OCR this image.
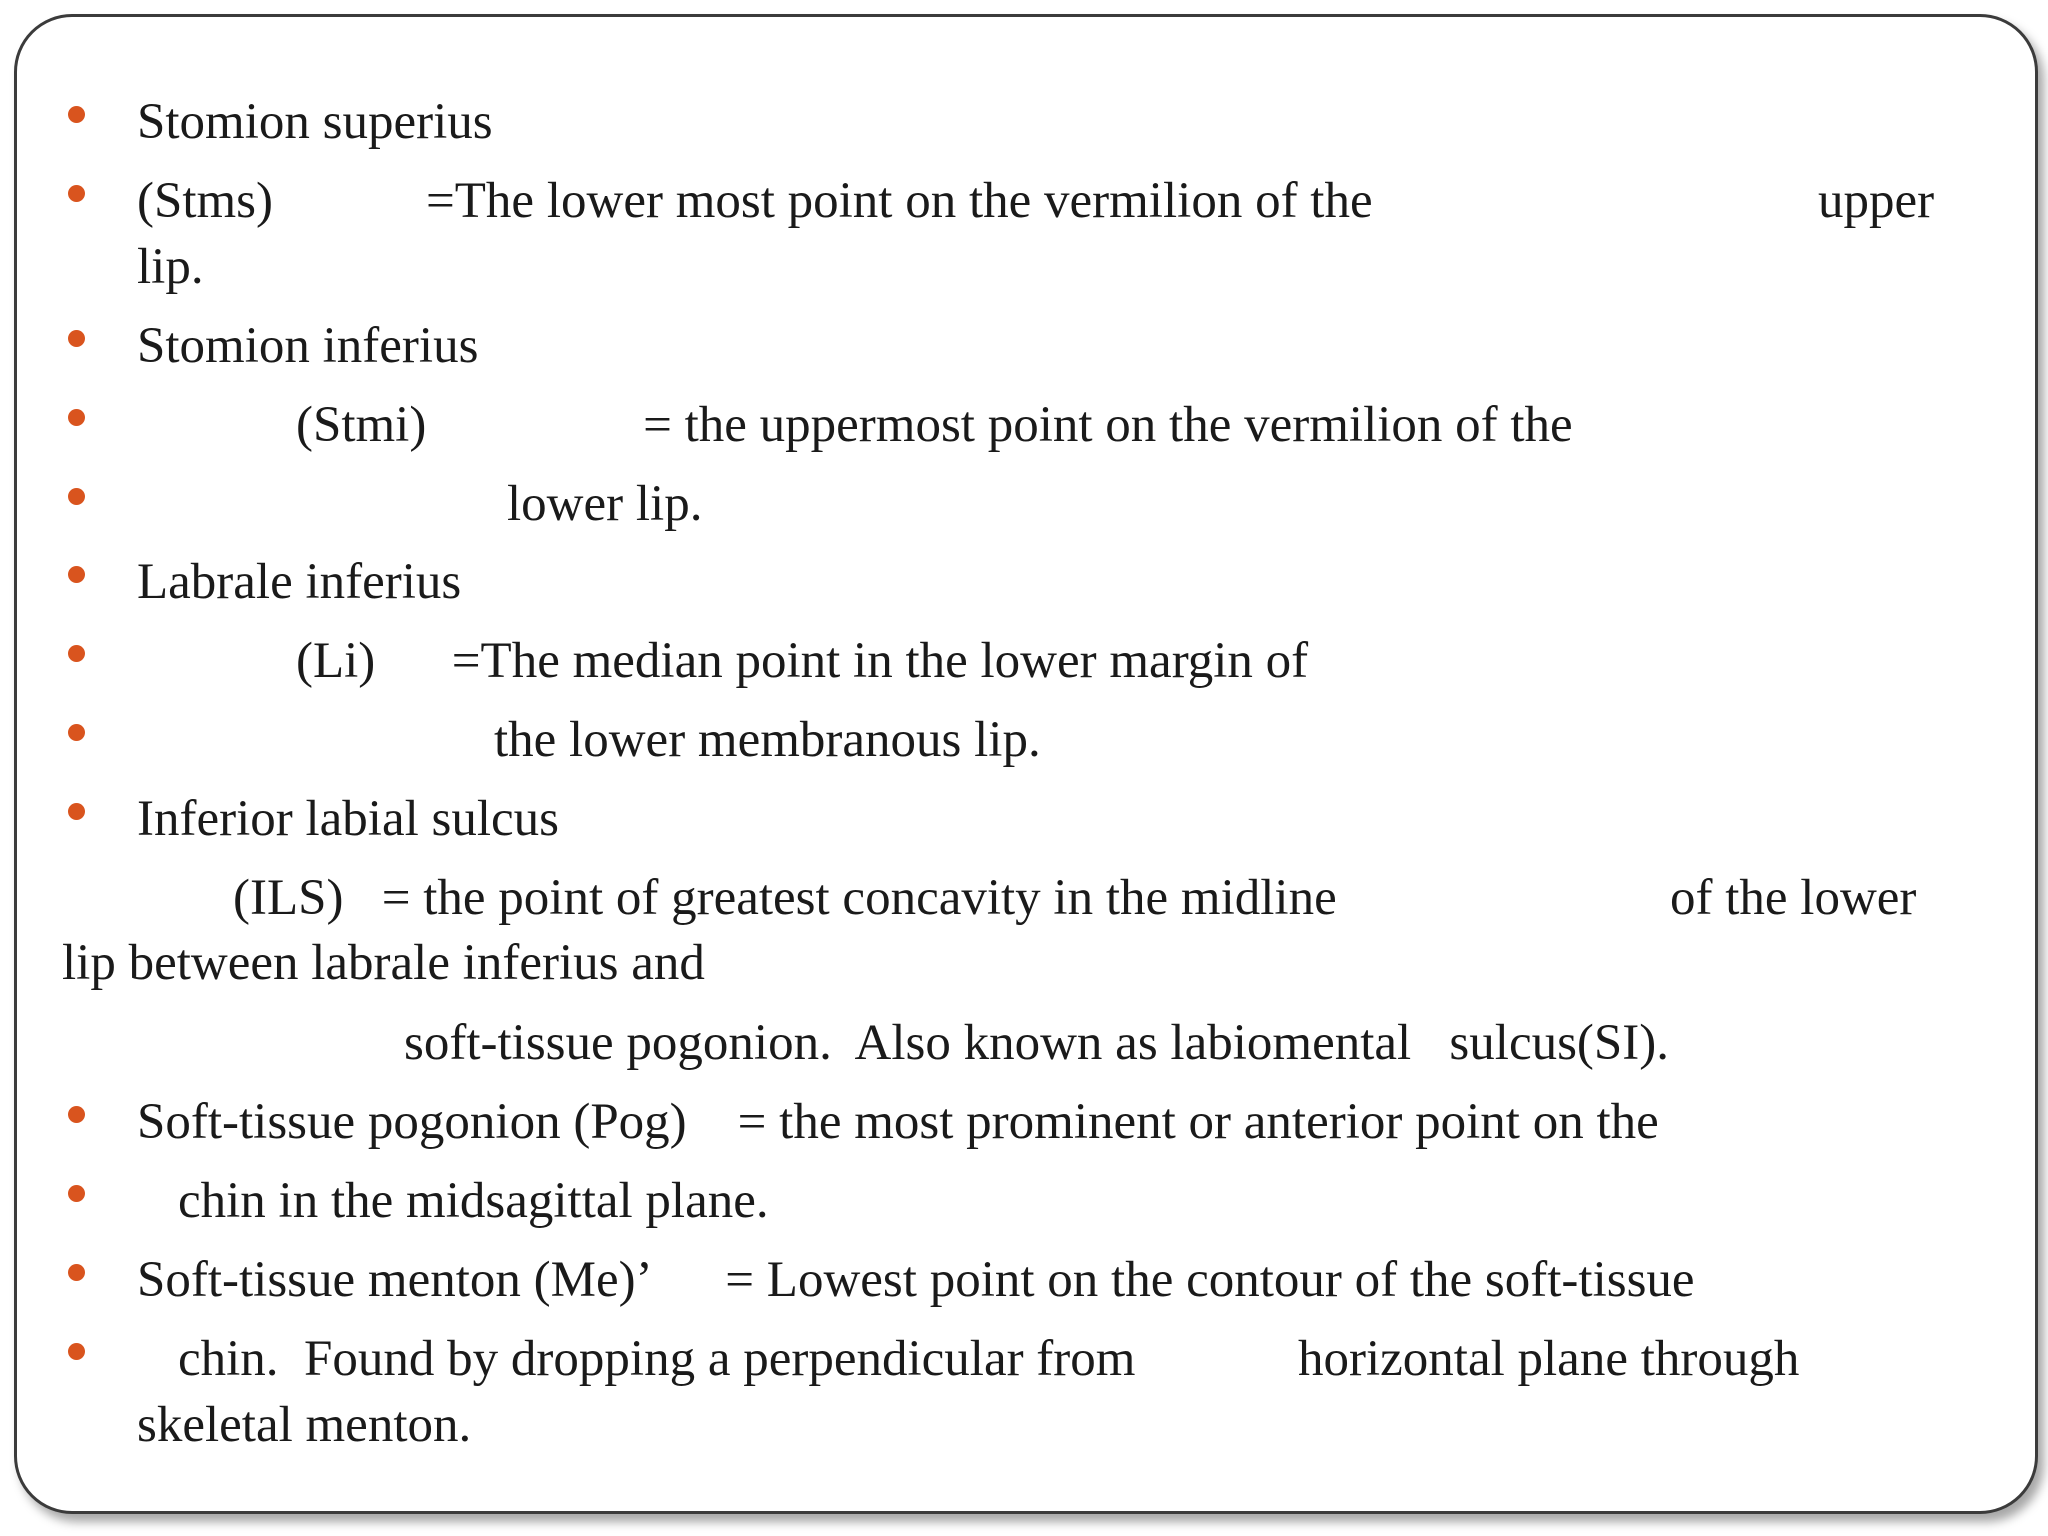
Stomion superius
(Stms)            =The lower most point on the vermilion of the	upper
lip.
Stomion inferius
(Stmi)                 = the uppermost point on the vermilion of the
lower lip.
Labrale inferius
(Li)      =The median point in the lower margin of
the lower membranous lip.
Inferior labial sulcus
(ILS)   = the point of greatest concavity in the midline	of the lower
lip between labrale inferius and
soft-tissue pogonion.  Also known as labiomental   sulcus(SI).
Soft-tissue pogonion (Pog)    = the most prominent or anterior point on the
chin in the midsagittal plane.
Soft-tissue menton (Me)’      = Lowest point on the contour of the soft-tissue
chin.  Found by dropping a perpendicular from	horizontal plane through
skeletal menton.
